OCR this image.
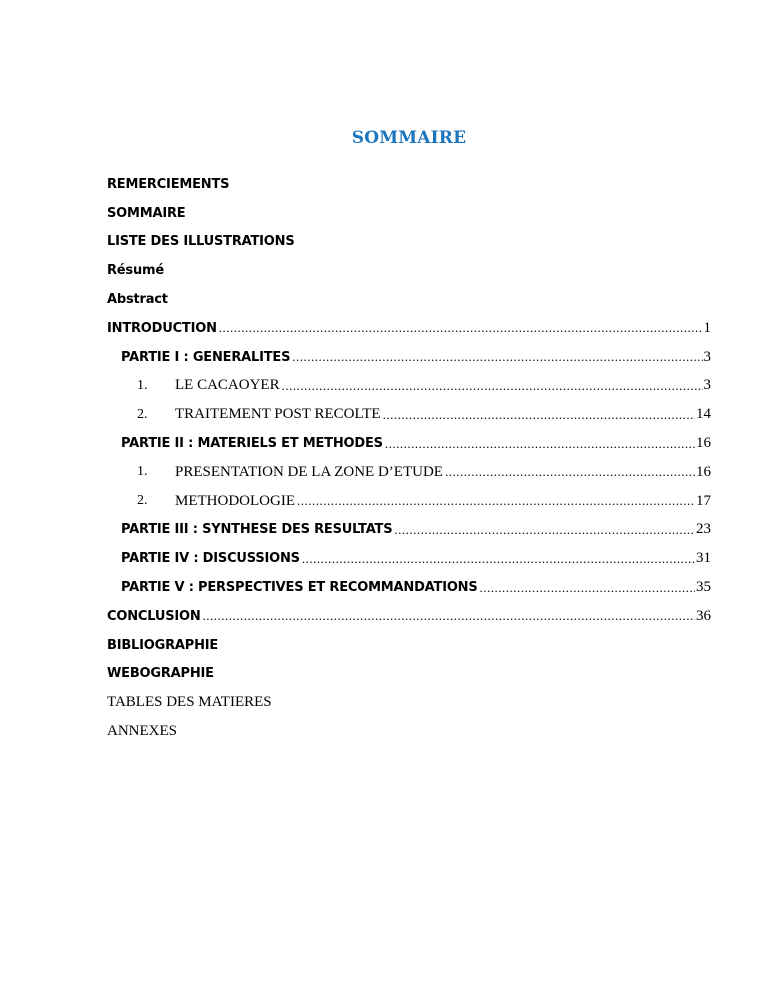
SOMMAIRE
REMERCIEMENTS
SOMMAIRE
LISTE DES ILLUSTRATIONS
Résumé
Abstract
INTRODUCTION .....	1
PARTIE I : GENERALITES .....	3
1.	LE CACAOYER .....	3
2.	TRAITEMENT POST RECOLTE .....	14
PARTIE II : MATERIELS ET METHODES .....	16
1.	PRESENTATION DE LA ZONE D’ETUDE .....	16
2.	METHODOLOGIE .....	17
PARTIE III : SYNTHESE DES RESULTATS .....	23
PARTIE IV : DISCUSSIONS .....	31
PARTIE V : PERSPECTIVES ET RECOMMANDATIONS .....	35
CONCLUSION .....	36
BIBLIOGRAPHIE
WEBOGRAPHIE
TABLES DES MATIERES
ANNEXES
